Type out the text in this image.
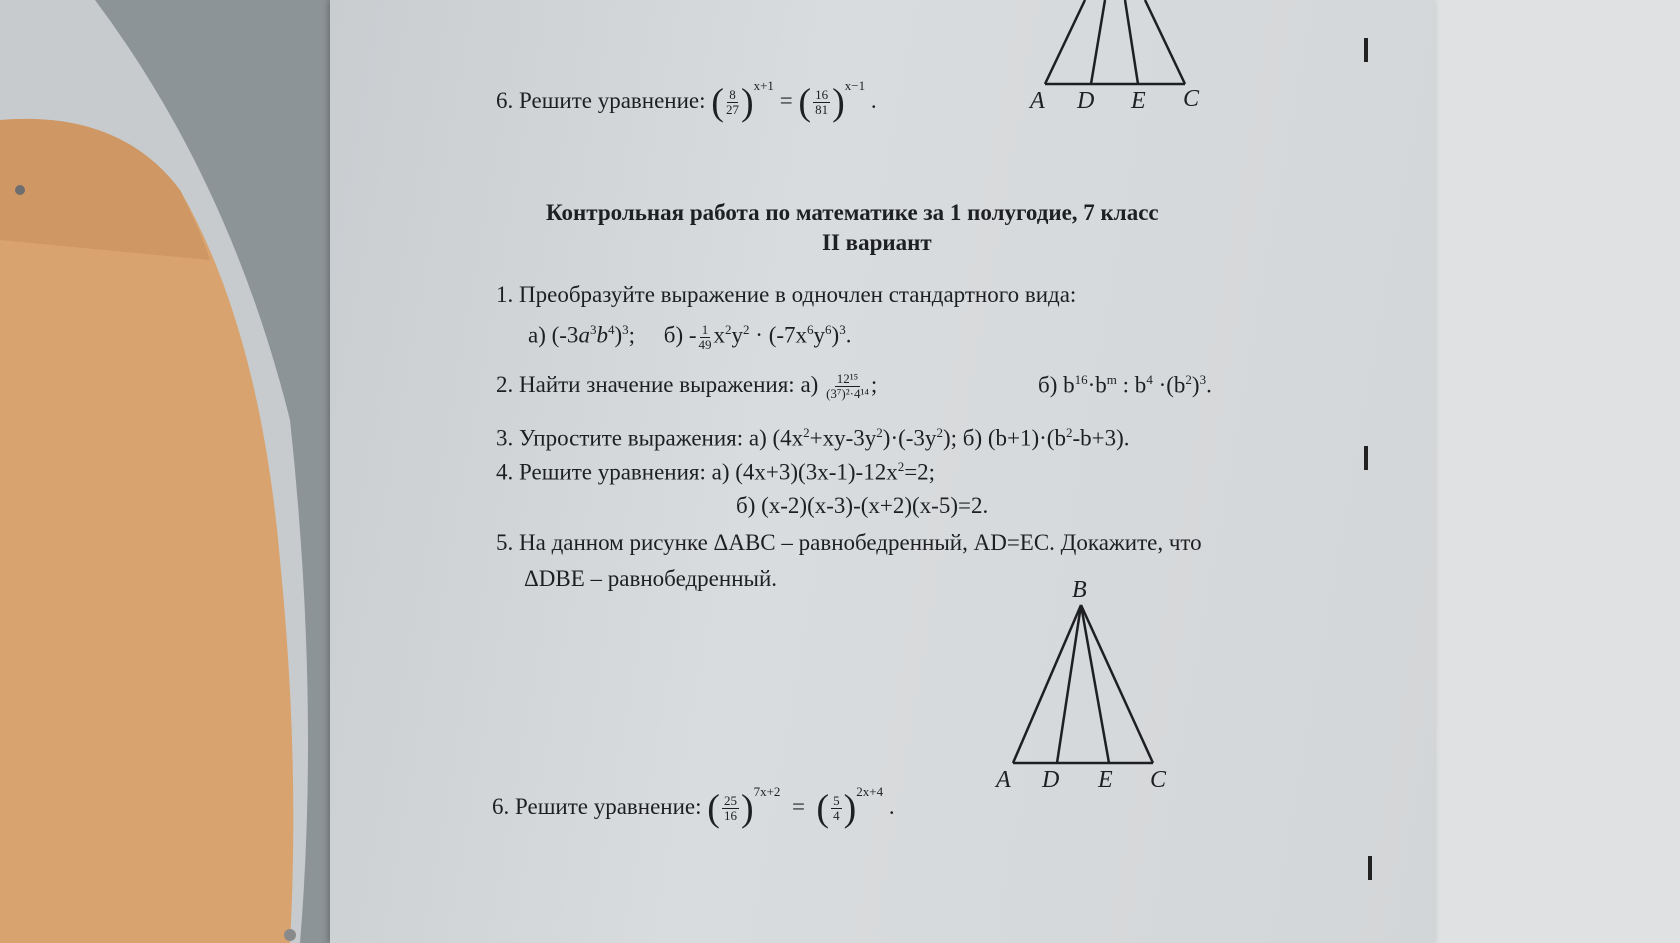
6. Решите уравнение: ( $\frac{8}{27} )^{x+1}$ = ( $\frac{16}{81} )^{x-1}$ .	A D E C
Контрольная работа по математике за 1 полугодие, 7 класс
II вариант
1. Преобразуйте выражение в одночлен стандартного вида:
а) $(-3a^3b^4)^3$; $б) - \frac{1}{49} x^2y^2 \cdot (-7x^6y^6)^3$.
2. Найти значение выражения: $а) \frac{\text{12¹⁵}}{\text{(3⁷)²·4¹⁴}}$ ;	б) $b^{16}\cdot b^m$ : $b^4 \cdot(b^2)^3$.
3. Упростите выражения: а) $(4x^2+xy-3y^2)\cdot(-3y^2)$; б) $(b+1)\cdot(b^2-b+3)$.
4. Решите уравнения: а) $(4x+3)(3x-1)-12x^2=2$;
б) (x-2)(x-3)-(x+2)(x-5)=2.
5. На данном рисунке ΔABC – равнобедренный, AD=EC. Докажите, что
ΔDBE – равнобедренный.	B
A D E C
6. Решите уравнение: ( $\frac{25}{16} )^{7x+2}$  = ( $\frac{5}{4} )^{2x+4}$ .
